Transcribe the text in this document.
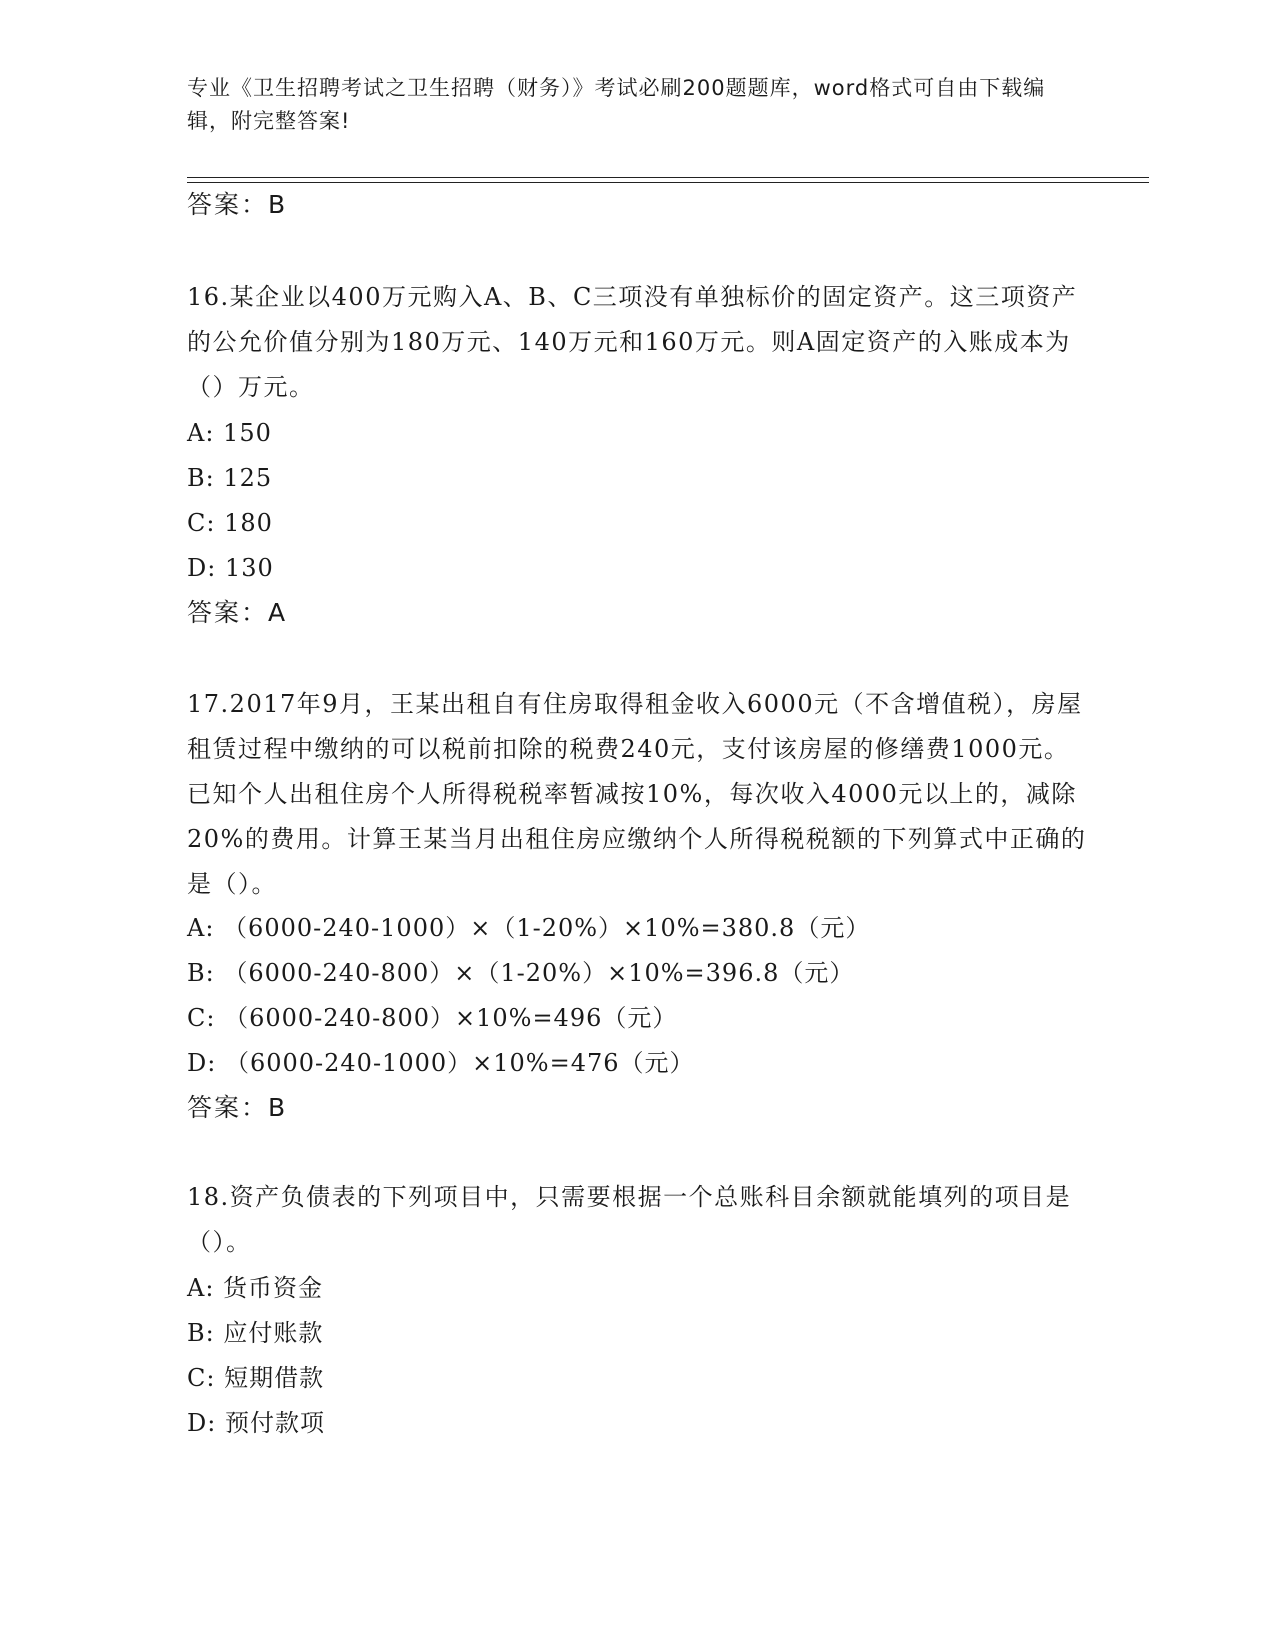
专业《卫生招聘考试之卫生招聘（财务）》考试必刷200题题库，word格式可自由下载编辑，附完整答案!
答案：B
16.某企业以400万元购入A、B、C三项没有单独标价的固定资产。这三项资产的公允价值分别为180万元、140万元和160万元。则A固定资产的入账成本为（）万元。
A: 150
B: 125
C: 180
D: 130
答案：A
17.2017年9月，王某出租自有住房取得租金收入6000元（不含增值税），房屋租赁过程中缴纳的可以税前扣除的税费240元，支付该房屋的修缮费1000元。已知个人出租住房个人所得税税率暂减按10%，每次收入4000元以上的，减除20%的费用。计算王某当月出租住房应缴纳个人所得税税额的下列算式中正确的是（）。
A: （6000-240-1000）×（1-20%）×10%=380.8（元）
B: （6000-240-800）×（1-20%）×10%=396.8（元）
C: （6000-240-800）×10%=496（元）
D: （6000-240-1000）×10%=476（元）
答案：B
18.资产负债表的下列项目中，只需要根据一个总账科目余额就能填列的项目是（）。
A: 货币资金
B: 应付账款
C: 短期借款
D: 预付款项
